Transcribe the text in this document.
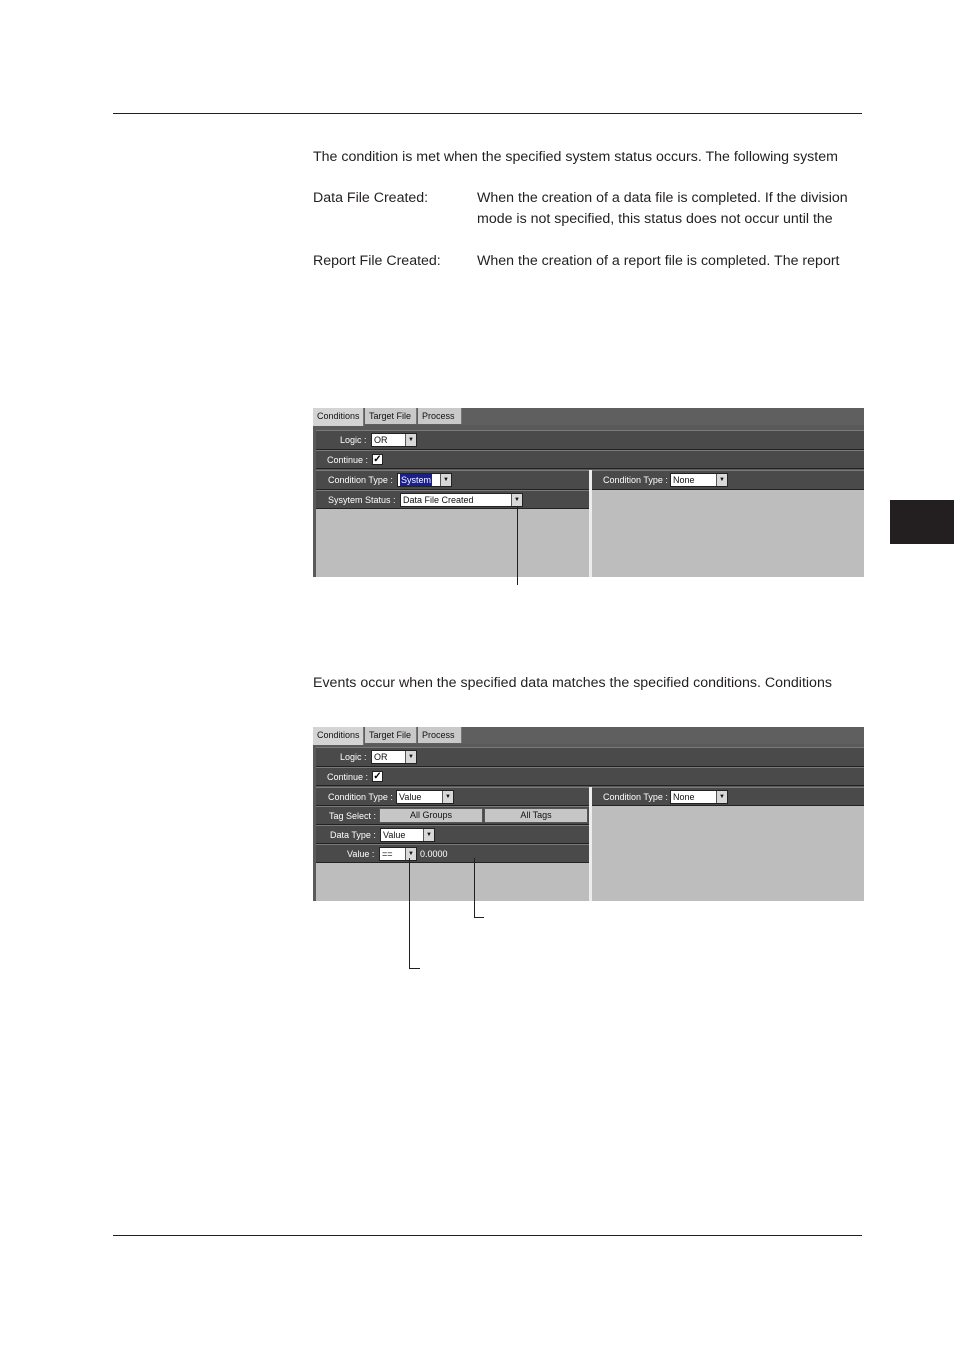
The condition is met when the specified system status occurs. The following system
Data File Created:	When the creation of a data file is completed. If the division
mode is not specified, this status does not occur until the
Report File Created:	When the creation of a report file is completed. The report
Events occur when the specified data matches the specified conditions. Conditions
Conditions	Target File	Process
Logic : OR	▼
Continue : ✓
Condition Type : System	▼
Sysytem Status : Data File Created	▼
Condition Type : None	▼
Conditions	Target File	Process
Logic : OR	▼
Continue : ✓
Condition Type : Value	▼
Tag Select :	All Groups	All Tags
Data Type : Value	▼
Value : ==	▼ 0.0000
Condition Type : None	▼
